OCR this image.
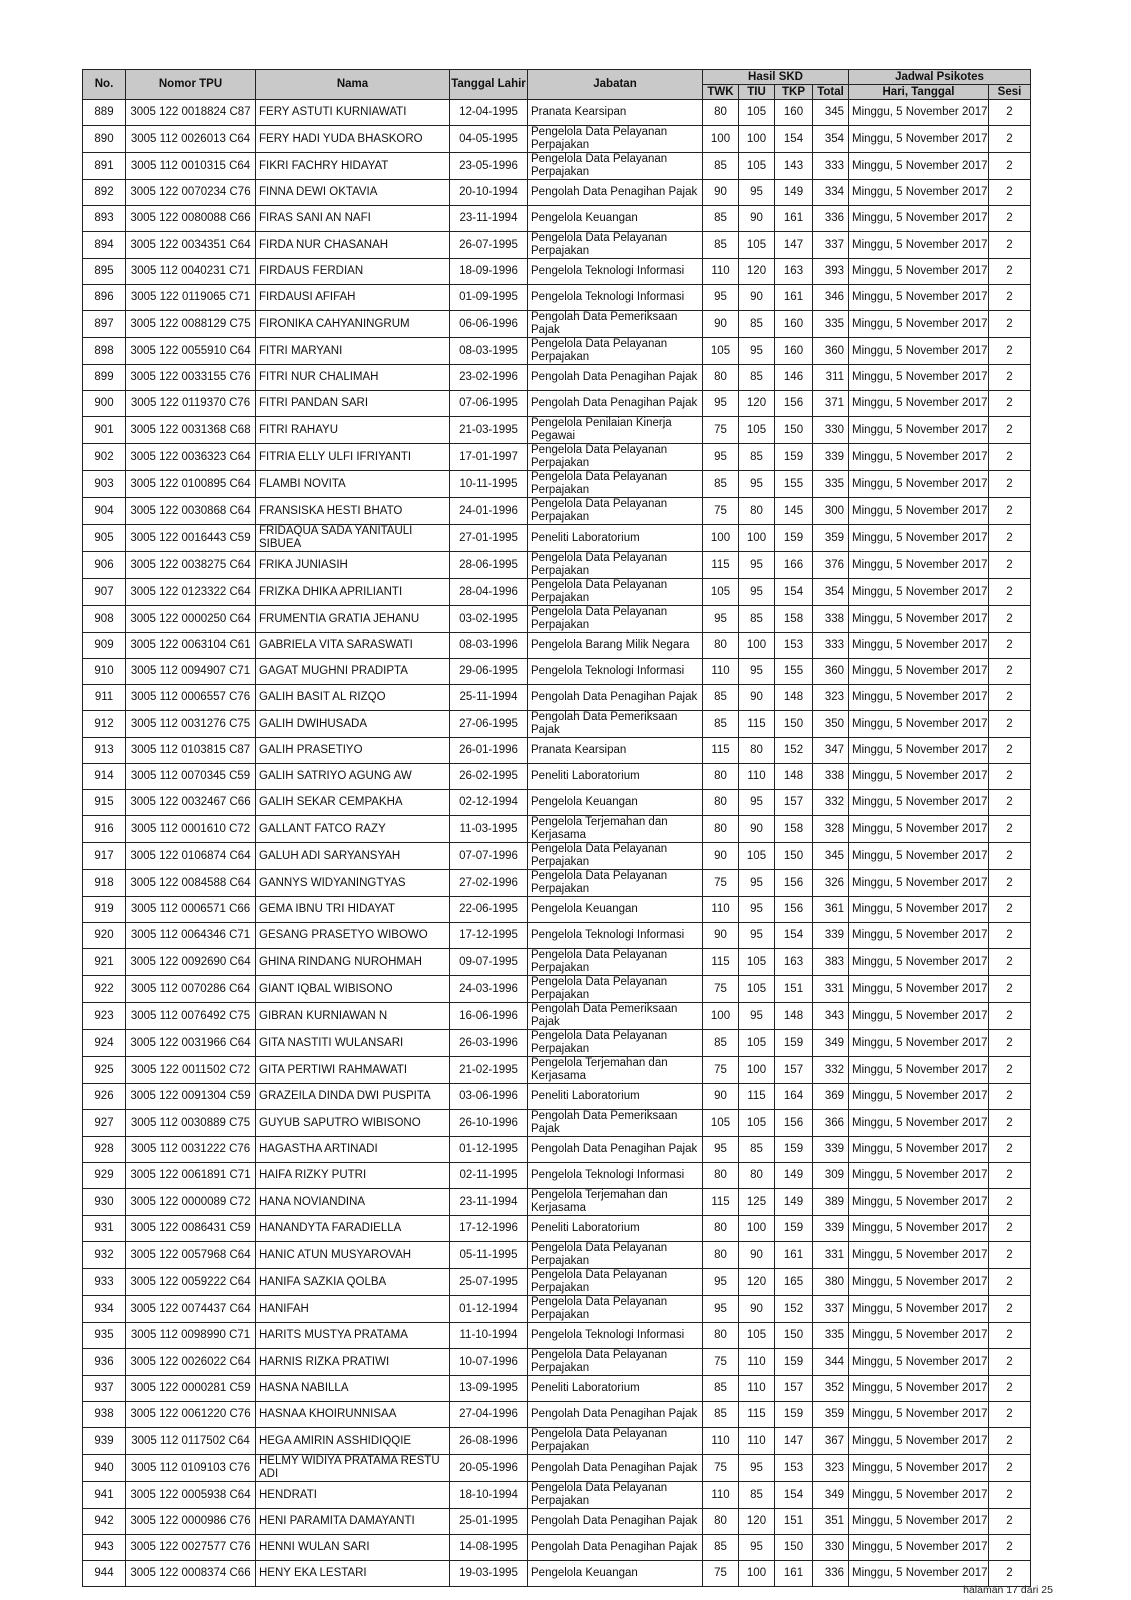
No.	Nomor TPU	Nama	Tanggal Lahir	Jabatan	Hasil SKD				Jadwal Psikotes	
					TWK	TIU	TKP	Total	Hari, Tanggal	Sesi
889	3005 122 0018824 C87	FERY ASTUTI KURNIAWATI	12-04-1995	Pranata Kearsipan	80	105	160	345	Minggu, 5 November 2017	2
890	3005 112 0026013 C64	FERY HADI YUDA BHASKORO	04-05-1995	Pengelola Data Pelayanan Perpajakan	100	100	154	354	Minggu, 5 November 2017	2
891	3005 112 0010315 C64	FIKRI FACHRY HIDAYAT	23-05-1996	Pengelola Data Pelayanan Perpajakan	85	105	143	333	Minggu, 5 November 2017	2
892	3005 122 0070234 C76	FINNA DEWI OKTAVIA	20-10-1994	Pengolah Data Penagihan Pajak	90	95	149	334	Minggu, 5 November 2017	2
893	3005 122 0080088 C66	FIRAS SANI AN NAFI	23-11-1994	Pengelola Keuangan	85	90	161	336	Minggu, 5 November 2017	2
894	3005 122 0034351 C64	FIRDA NUR CHASANAH	26-07-1995	Pengelola Data Pelayanan Perpajakan	85	105	147	337	Minggu, 5 November 2017	2
895	3005 112 0040231 C71	FIRDAUS FERDIAN	18-09-1996	Pengelola Teknologi Informasi	110	120	163	393	Minggu, 5 November 2017	2
896	3005 122 0119065 C71	FIRDAUSI AFIFAH	01-09-1995	Pengelola Teknologi Informasi	95	90	161	346	Minggu, 5 November 2017	2
897	3005 122 0088129 C75	FIRONIKA CAHYANINGRUM	06-06-1996	Pengolah Data Pemeriksaan Pajak	90	85	160	335	Minggu, 5 November 2017	2
898	3005 122 0055910 C64	FITRI MARYANI	08-03-1995	Pengelola Data Pelayanan Perpajakan	105	95	160	360	Minggu, 5 November 2017	2
899	3005 122 0033155 C76	FITRI NUR CHALIMAH	23-02-1996	Pengolah Data Penagihan Pajak	80	85	146	311	Minggu, 5 November 2017	2
900	3005 122 0119370 C76	FITRI PANDAN SARI	07-06-1995	Pengolah Data Penagihan Pajak	95	120	156	371	Minggu, 5 November 2017	2
901	3005 122 0031368 C68	FITRI RAHAYU	21-03-1995	Pengelola Penilaian Kinerja Pegawai	75	105	150	330	Minggu, 5 November 2017	2
902	3005 122 0036323 C64	FITRIA ELLY ULFI IFRIYANTI	17-01-1997	Pengelola Data Pelayanan Perpajakan	95	85	159	339	Minggu, 5 November 2017	2
903	3005 122 0100895 C64	FLAMBI NOVITA	10-11-1995	Pengelola Data Pelayanan Perpajakan	85	95	155	335	Minggu, 5 November 2017	2
904	3005 122 0030868 C64	FRANSISKA HESTI BHATO	24-01-1996	Pengelola Data Pelayanan Perpajakan	75	80	145	300	Minggu, 5 November 2017	2
905	3005 122 0016443 C59	FRIDAQUA SADA YANITAULI SIBUEA	27-01-1995	Peneliti Laboratorium	100	100	159	359	Minggu, 5 November 2017	2
906	3005 122 0038275 C64	FRIKA JUNIASIH	28-06-1995	Pengelola Data Pelayanan Perpajakan	115	95	166	376	Minggu, 5 November 2017	2
907	3005 122 0123322 C64	FRIZKA DHIKA APRILIANTI	28-04-1996	Pengelola Data Pelayanan Perpajakan	105	95	154	354	Minggu, 5 November 2017	2
908	3005 122 0000250 C64	FRUMENTIA GRATIA JEHANU	03-02-1995	Pengelola Data Pelayanan Perpajakan	95	85	158	338	Minggu, 5 November 2017	2
909	3005 122 0063104 C61	GABRIELA VITA SARASWATI	08-03-1996	Pengelola Barang Milik Negara	80	100	153	333	Minggu, 5 November 2017	2
910	3005 112 0094907 C71	GAGAT MUGHNI PRADIPTA	29-06-1995	Pengelola Teknologi Informasi	110	95	155	360	Minggu, 5 November 2017	2
911	3005 112 0006557 C76	GALIH BASIT AL RIZQO	25-11-1994	Pengolah Data Penagihan Pajak	85	90	148	323	Minggu, 5 November 2017	2
912	3005 112 0031276 C75	GALIH DWIHUSADA	27-06-1995	Pengolah Data Pemeriksaan Pajak	85	115	150	350	Minggu, 5 November 2017	2
913	3005 112 0103815 C87	GALIH PRASETIYO	26-01-1996	Pranata Kearsipan	115	80	152	347	Minggu, 5 November 2017	2
914	3005 112 0070345 C59	GALIH SATRIYO AGUNG AW	26-02-1995	Peneliti Laboratorium	80	110	148	338	Minggu, 5 November 2017	2
915	3005 122 0032467 C66	GALIH SEKAR CEMPAKHA	02-12-1994	Pengelola Keuangan	80	95	157	332	Minggu, 5 November 2017	2
916	3005 112 0001610 C72	GALLANT FATCO RAZY	11-03-1995	Pengelola Terjemahan dan Kerjasama	80	90	158	328	Minggu, 5 November 2017	2
917	3005 122 0106874 C64	GALUH ADI SARYANSYAH	07-07-1996	Pengelola Data Pelayanan Perpajakan	90	105	150	345	Minggu, 5 November 2017	2
918	3005 122 0084588 C64	GANNYS WIDYANINGTYAS	27-02-1996	Pengelola Data Pelayanan Perpajakan	75	95	156	326	Minggu, 5 November 2017	2
919	3005 112 0006571 C66	GEMA IBNU TRI HIDAYAT	22-06-1995	Pengelola Keuangan	110	95	156	361	Minggu, 5 November 2017	2
920	3005 112 0064346 C71	GESANG PRASETYO WIBOWO	17-12-1995	Pengelola Teknologi Informasi	90	95	154	339	Minggu, 5 November 2017	2
921	3005 122 0092690 C64	GHINA RINDANG NUROHMAH	09-07-1995	Pengelola Data Pelayanan Perpajakan	115	105	163	383	Minggu, 5 November 2017	2
922	3005 112 0070286 C64	GIANT IQBAL WIBISONO	24-03-1996	Pengelola Data Pelayanan Perpajakan	75	105	151	331	Minggu, 5 November 2017	2
923	3005 112 0076492 C75	GIBRAN KURNIAWAN N	16-06-1996	Pengolah Data Pemeriksaan Pajak	100	95	148	343	Minggu, 5 November 2017	2
924	3005 122 0031966 C64	GITA NASTITI WULANSARI	26-03-1996	Pengelola Data Pelayanan Perpajakan	85	105	159	349	Minggu, 5 November 2017	2
925	3005 122 0011502 C72	GITA PERTIWI RAHMAWATI	21-02-1995	Pengelola Terjemahan dan Kerjasama	75	100	157	332	Minggu, 5 November 2017	2
926	3005 122 0091304 C59	GRAZEILA DINDA DWI PUSPITA	03-06-1996	Peneliti Laboratorium	90	115	164	369	Minggu, 5 November 2017	2
927	3005 112 0030889 C75	GUYUB SAPUTRO WIBISONO	26-10-1996	Pengolah Data Pemeriksaan Pajak	105	105	156	366	Minggu, 5 November 2017	2
928	3005 112 0031222 C76	HAGASTHA ARTINADI	01-12-1995	Pengolah Data Penagihan Pajak	95	85	159	339	Minggu, 5 November 2017	2
929	3005 122 0061891 C71	HAIFA RIZKY PUTRI	02-11-1995	Pengelola Teknologi Informasi	80	80	149	309	Minggu, 5 November 2017	2
930	3005 122 0000089 C72	HANA NOVIANDINA	23-11-1994	Pengelola Terjemahan dan Kerjasama	115	125	149	389	Minggu, 5 November 2017	2
931	3005 122 0086431 C59	HANANDYTA FARADIELLA	17-12-1996	Peneliti Laboratorium	80	100	159	339	Minggu, 5 November 2017	2
932	3005 122 0057968 C64	HANIC ATUN MUSYAROVAH	05-11-1995	Pengelola Data Pelayanan Perpajakan	80	90	161	331	Minggu, 5 November 2017	2
933	3005 122 0059222 C64	HANIFA SAZKIA QOLBA	25-07-1995	Pengelola Data Pelayanan Perpajakan	95	120	165	380	Minggu, 5 November 2017	2
934	3005 122 0074437 C64	HANIFAH	01-12-1994	Pengelola Data Pelayanan Perpajakan	95	90	152	337	Minggu, 5 November 2017	2
935	3005 112 0098990 C71	HARITS MUSTYA PRATAMA	11-10-1994	Pengelola Teknologi Informasi	80	105	150	335	Minggu, 5 November 2017	2
936	3005 122 0026022 C64	HARNIS RIZKA PRATIWI	10-07-1996	Pengelola Data Pelayanan Perpajakan	75	110	159	344	Minggu, 5 November 2017	2
937	3005 122 0000281 C59	HASNA NABILLA	13-09-1995	Peneliti Laboratorium	85	110	157	352	Minggu, 5 November 2017	2
938	3005 122 0061220 C76	HASNAA KHOIRUNNISAA	27-04-1996	Pengolah Data Penagihan Pajak	85	115	159	359	Minggu, 5 November 2017	2
939	3005 112 0117502 C64	HEGA AMIRIN ASSHIDIQQIE	26-08-1996	Pengelola Data Pelayanan Perpajakan	110	110	147	367	Minggu, 5 November 2017	2
940	3005 112 0109103 C76	HELMY WIDIYA PRATAMA RESTU ADI	20-05-1996	Pengolah Data Penagihan Pajak	75	95	153	323	Minggu, 5 November 2017	2
941	3005 122 0005938 C64	HENDRATI	18-10-1994	Pengelola Data Pelayanan Perpajakan	110	85	154	349	Minggu, 5 November 2017	2
942	3005 122 0000986 C76	HENI PARAMITA DAMAYANTI	25-01-1995	Pengolah Data Penagihan Pajak	80	120	151	351	Minggu, 5 November 2017	2
943	3005 122 0027577 C76	HENNI WULAN SARI	14-08-1995	Pengolah Data Penagihan Pajak	85	95	150	330	Minggu, 5 November 2017	2
944	3005 122 0008374 C66	HENY EKA LESTARI	19-03-1995	Pengelola Keuangan	75	100	161	336	Minggu, 5 November 2017	2
halaman 17 dari 25
